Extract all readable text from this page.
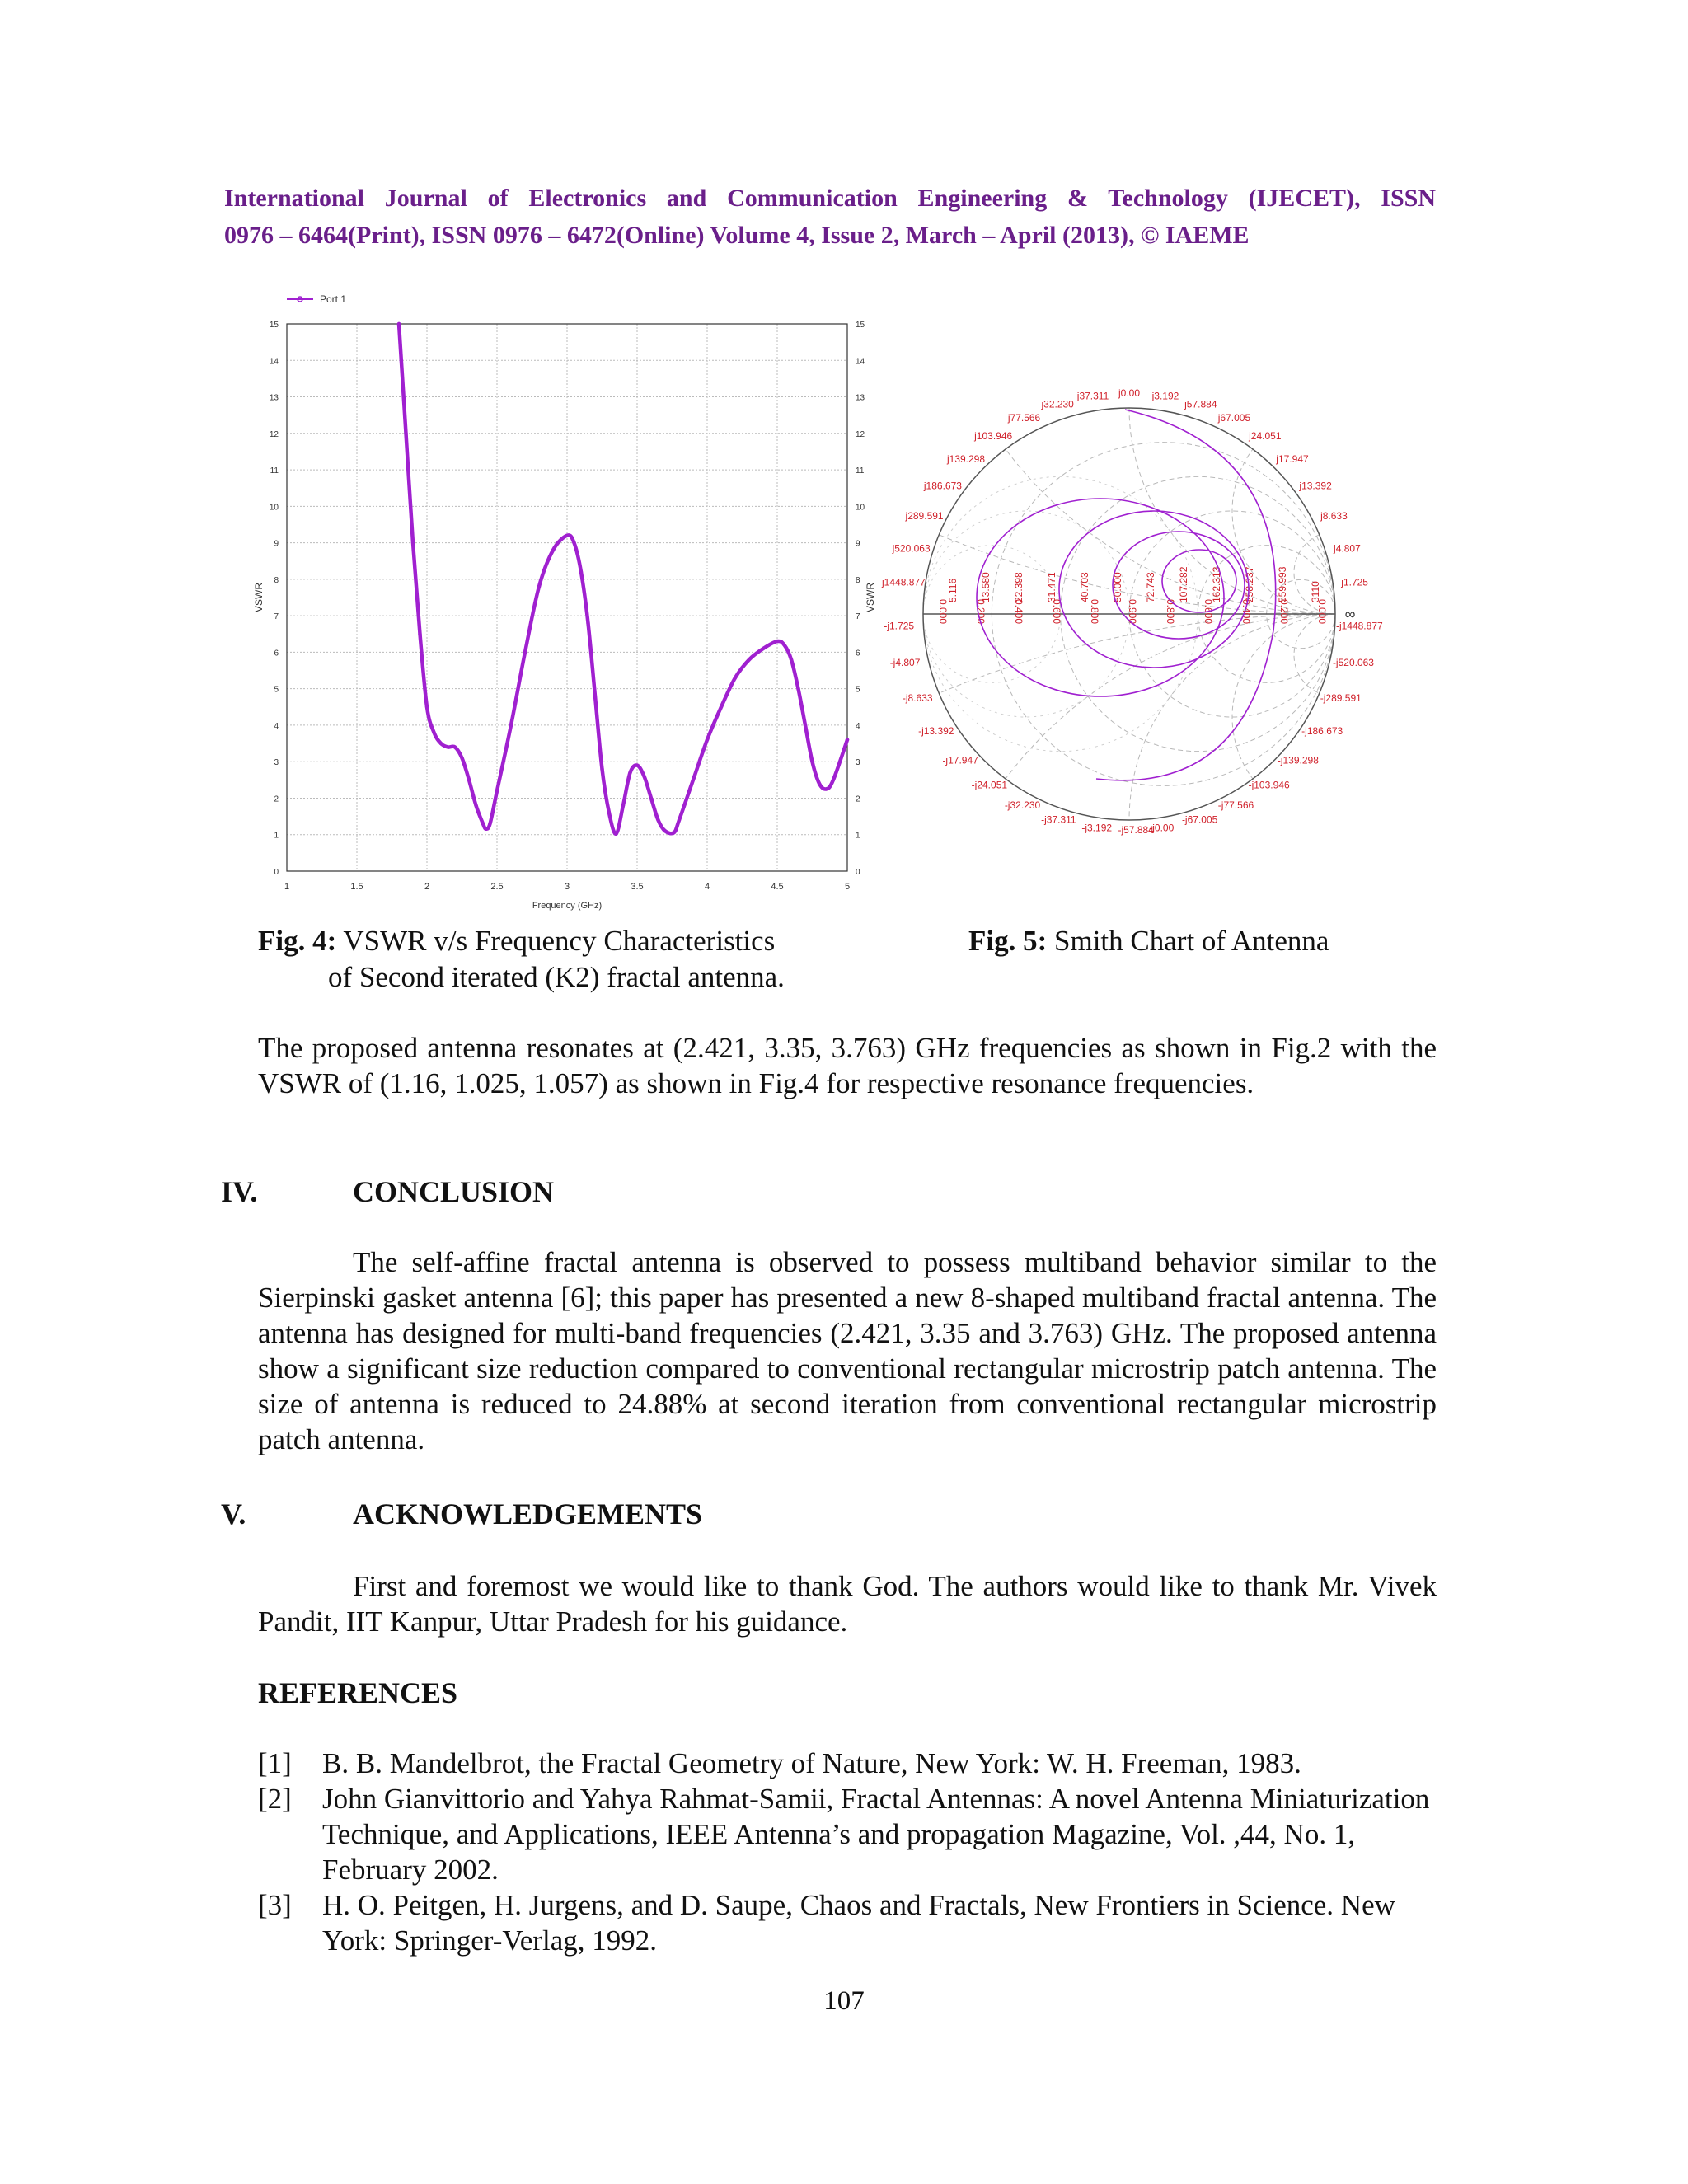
International Journal of Electronics and Communication Engineering & Technology (IJECET), ISSN
0976 – 6464(Print), ISSN 0976 – 6472(Online) Volume 4, Issue 2, March – April (2013), © IAEME
0	0
1	1
2	2
3	3
4	4
5	5
6	6
7	7
8	8
9	9
10	10
11	11
12	12
13	13
14	14
15	15
1	1.5	2	2.5	3	3.5	4	4.5	5
Frequency (GHz)
VSWR	VSWR
Port 1
j0.00 j3.192
j37.311
j57.884
j32.230
j67.005
j77.566
j24.051
j103.946
j17.947
j139.298
j13.392
j186.673
j8.633
j289.591
j4.807
j520.063
j1.725
j1448.877
-j1.725	-j1448.877
-j4.807	-j520.063
-j8.633	-j289.591
-j13.392	-j186.673
-j17.947	-j139.298
-j24.051	-j103.946
-j32.230	-j77.566
-j37.311	-j67.005
-j3.192	-j0.00
-j57.884
5.116 13.580 22.398 31.471 40.703 50.000 72.743 107.282 162.313 258.237 559.993 3110
0.000	0.200	0.400	0.600	0.800	0.900	0.800	0.600	0.400	0.200	0.000 ∞
Fig. 4: VSWR v/s Frequency Characteristics
of Second iterated (K2) fractal antenna.
Fig. 5: Smith Chart of Antenna

The proposed antenna resonates at (2.421, 3.35, 3.763) GHz frequencies as shown in Fig.2 with the VSWR of (1.16, 1.025, 1.057) as shown in Fig.4 for respective resonance frequencies.

IV.	CONCLUSION

The self-affine fractal antenna is observed to possess multiband behavior similar to the Sierpinski gasket antenna [6]; this paper has presented a new 8-shaped multiband fractal antenna. The antenna has designed for multi-band frequencies (2.421, 3.35 and 3.763) GHz. The proposed antenna show a significant size reduction compared to conventional rectangular microstrip patch antenna. The size of antenna is reduced to 24.88% at second iteration from conventional rectangular microstrip patch antenna.

V.	ACKNOWLEDGEMENTS

First and foremost we would like to thank God. The authors would like to thank Mr. Vivek Pandit, IIT Kanpur, Uttar Pradesh for his guidance.

REFERENCES
[1]	B. B. Mandelbrot, the Fractal Geometry of Nature, New York: W. H. Freeman, 1983.
[2]	John Gianvittorio and Yahya Rahmat-Samii, Fractal Antennas: A novel Antenna Miniaturization Technique, and Applications, IEEE Antenna’s and propagation Magazine, Vol. ,44, No. 1, February 2002.
[3]	H. O. Peitgen, H. Jurgens, and D. Saupe, Chaos and Fractals, New Frontiers in Science. New York: Springer-Verlag, 1992.
107
